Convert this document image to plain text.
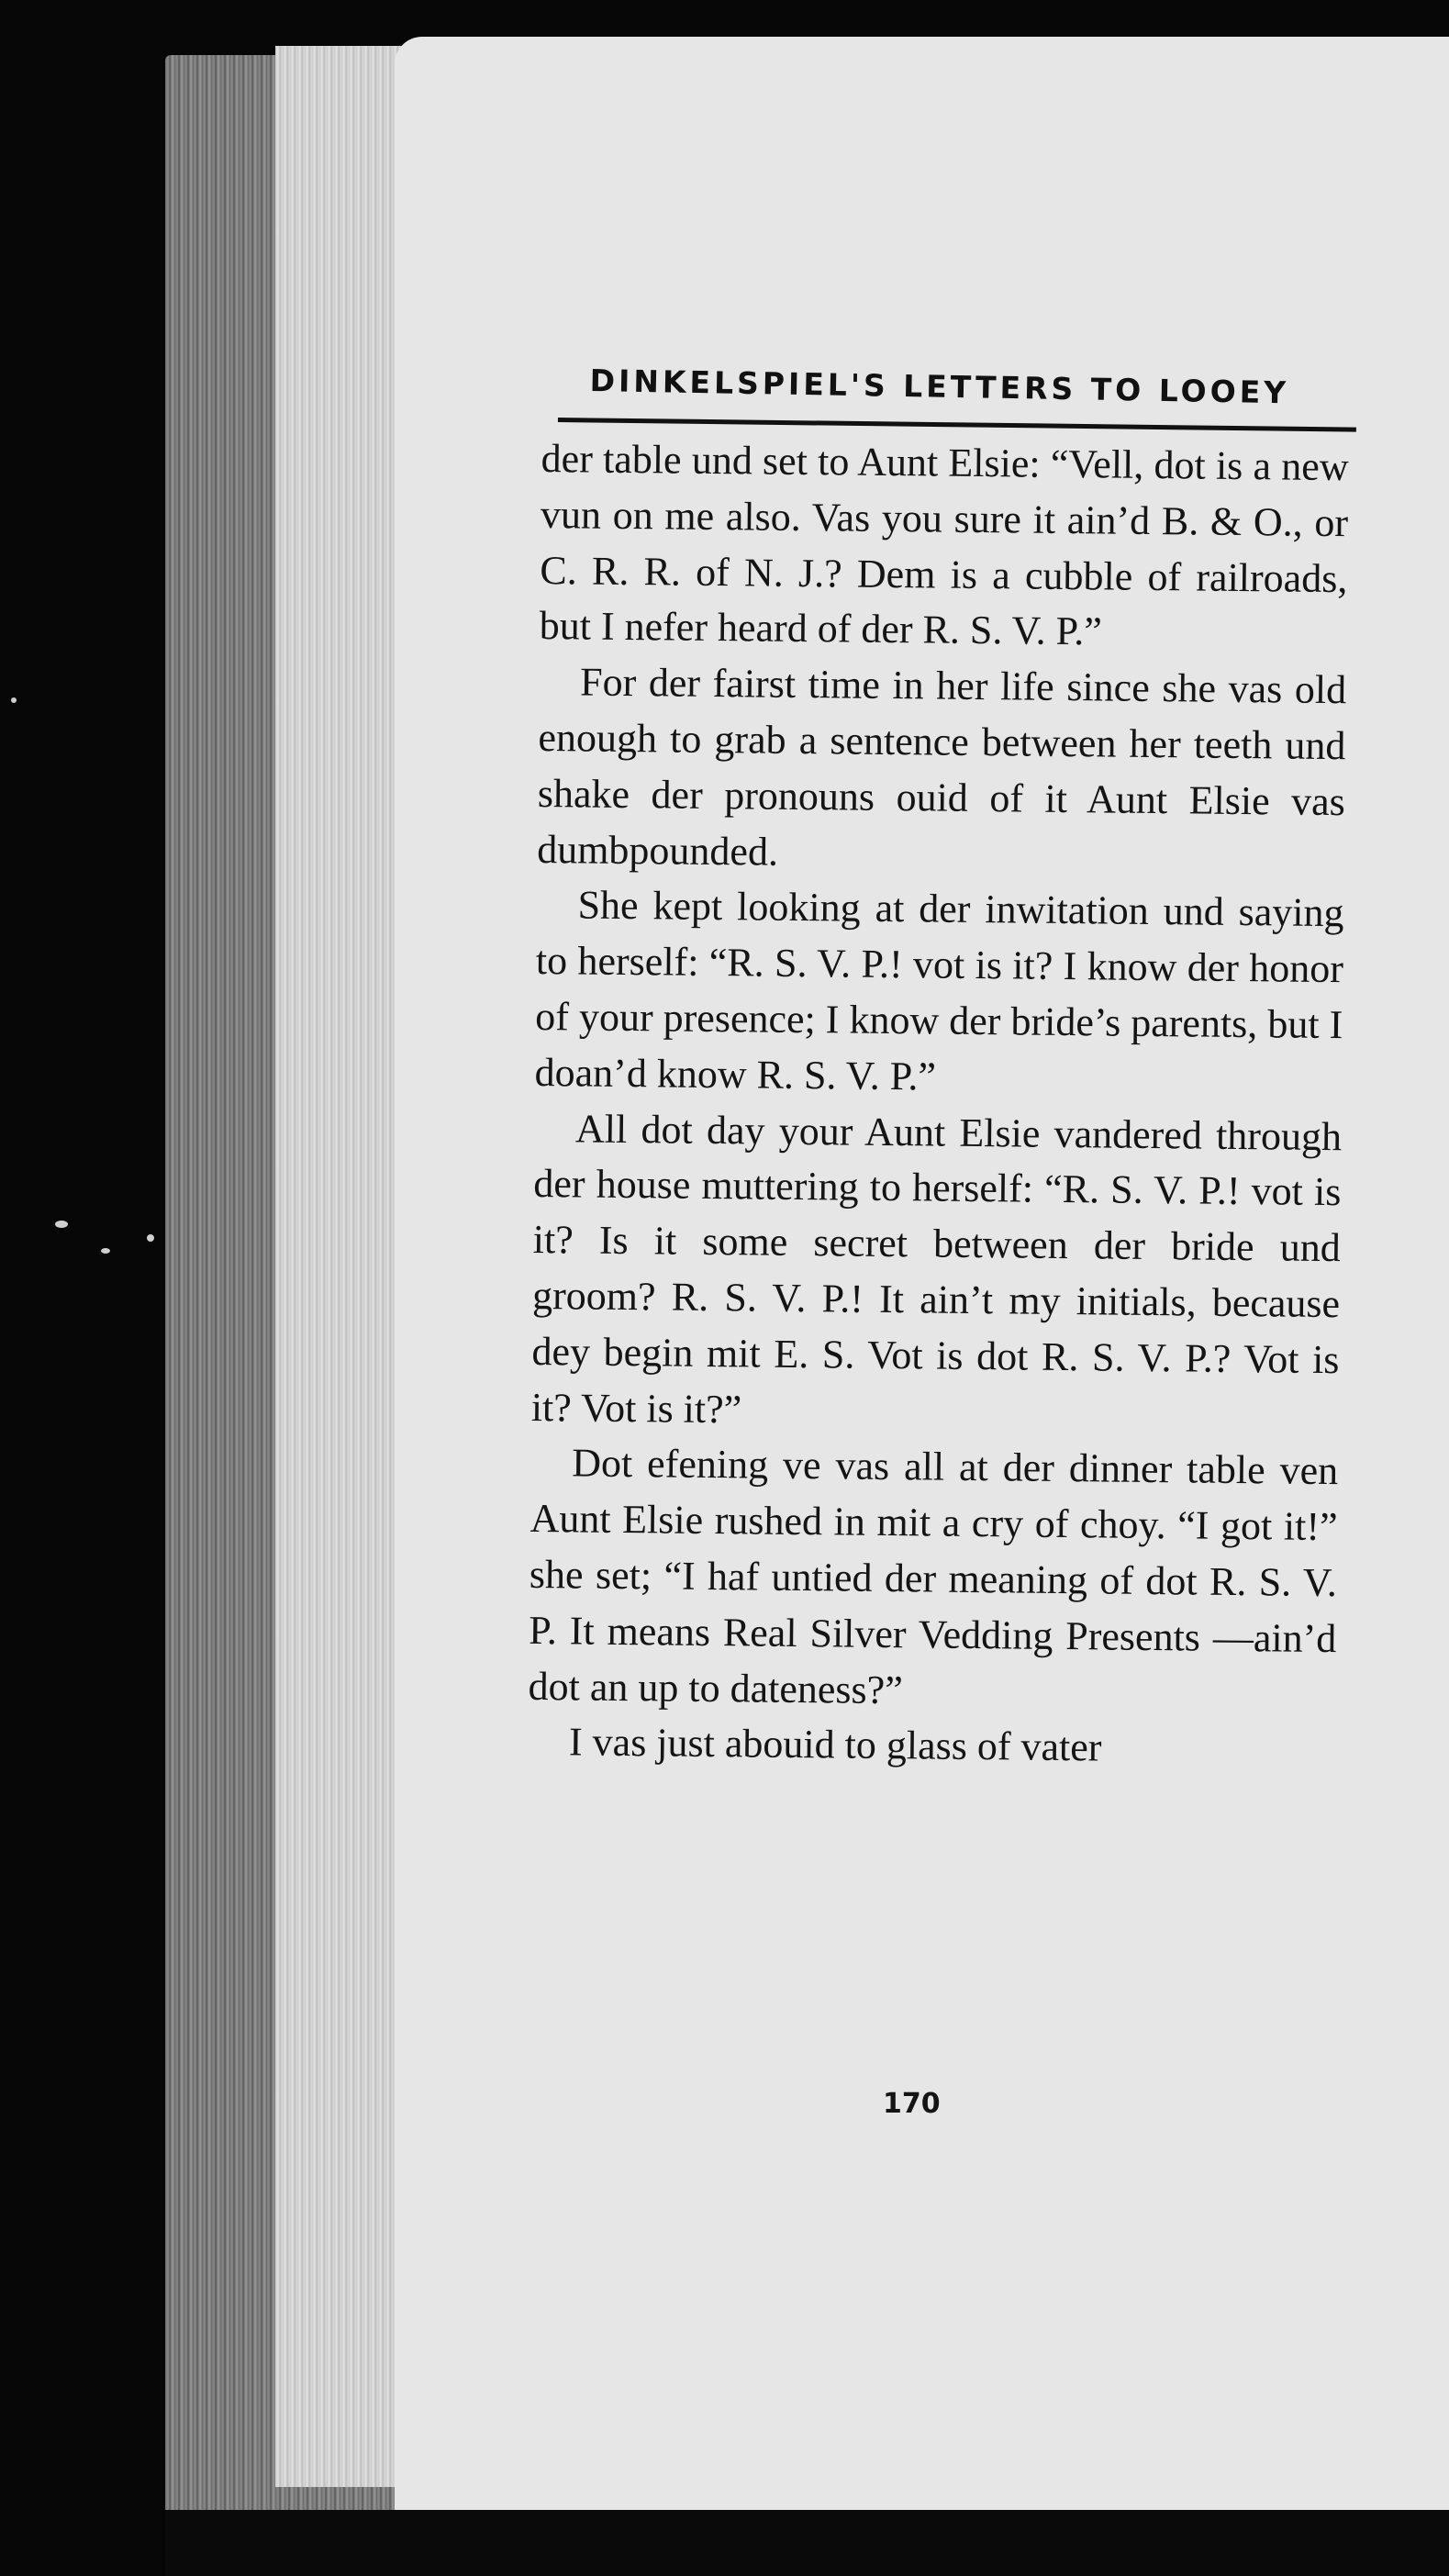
DINKELSPIEL'S LETTERS TO LOOEY

der table und set to Aunt Elsie: “Vell, dot is a new vun on me also. Vas you sure it ain’d B. & O., or C. R. R. of N. J.? Dem is a cubble of railroads, but I nefer heard of der R. S. V. P.”

For der fairst time in her life since she vas old enough to grab a sentence between her teeth und shake der pronouns ouid of it Aunt Elsie vas dumbpounded.

She kept looking at der inwitation und saying to herself: “R. S. V. P.! vot is it? I know der honor of your presence; I know der bride’s parents, but I doan’d know R. S. V. P.”

All dot day your Aunt Elsie vandered through der house muttering to herself: “R. S. V. P.! vot is it? Is it some secret between der bride und groom? R. S. V. P.! It ain’t my initials, because dey begin mit E. S. Vot is dot R. S. V. P.? Vot is it? Vot is it?”

Dot efening ve vas all at der dinner table ven Aunt Elsie rushed in mit a cry of choy. “I got it!” she set; “I haf untied der meaning of dot R. S. V. P. It means Real Silver Vedding Presents —ain’d dot an up to dateness?”

I vas just abouid to glass of vater

170
